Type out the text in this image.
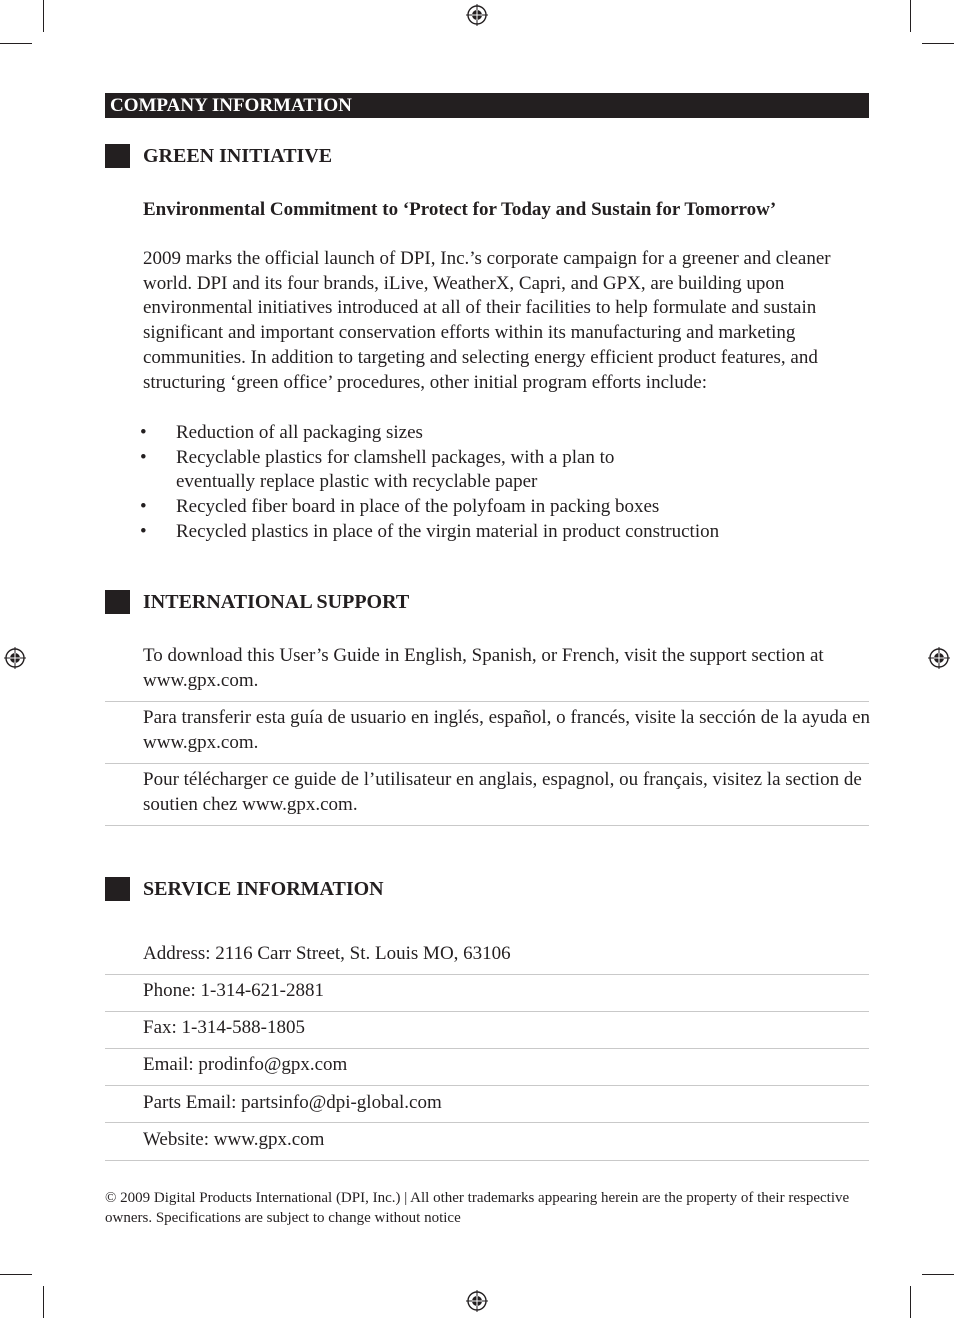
COMPANY INFORMATION
GREEN INITIATIVE
Environmental Commitment to ‘Protect for Today and Sustain for Tomorrow’
2009 marks the official launch of DPI, Inc.’s corporate campaign for a greener and cleaner world. DPI and its four brands, iLive, WeatherX, Capri, and GPX, are building upon environmental initiatives introduced at all of their facilities to help formulate and sustain significant and important conservation efforts within its manufacturing and marketing communities. In addition to targeting and selecting energy efficient product features, and structuring ‘green office’ procedures, other initial program efforts include:
• Reduction of all packaging sizes
• Recyclable plastics for clamshell packages, with a plan to eventually replace plastic with recyclable paper
• Recycled fiber board in place of the polyfoam in packing boxes
• Recycled plastics in place of the virgin material in product construction
INTERNATIONAL SUPPORT
To download this User’s Guide in English, Spanish, or French, visit the support section at www.gpx.com.
Para transferir esta guía de usuario en inglés, español, o francés, visite la sección de la ayuda en www.gpx.com.
Pour télécharger ce guide de l’utilisateur en anglais, espagnol, ou français, visitez la section de soutien chez www.gpx.com.
SERVICE INFORMATION
Address: 2116 Carr Street, St. Louis MO, 63106
Phone: 1-314-621-2881
Fax: 1-314-588-1805
Email: prodinfo@gpx.com
Parts Email: partsinfo@dpi-global.com
Website: www.gpx.com
© 2009 Digital Products International (DPI, Inc.) | All other trademarks appearing herein are the property of their respective owners. Specifications are subject to change without notice
